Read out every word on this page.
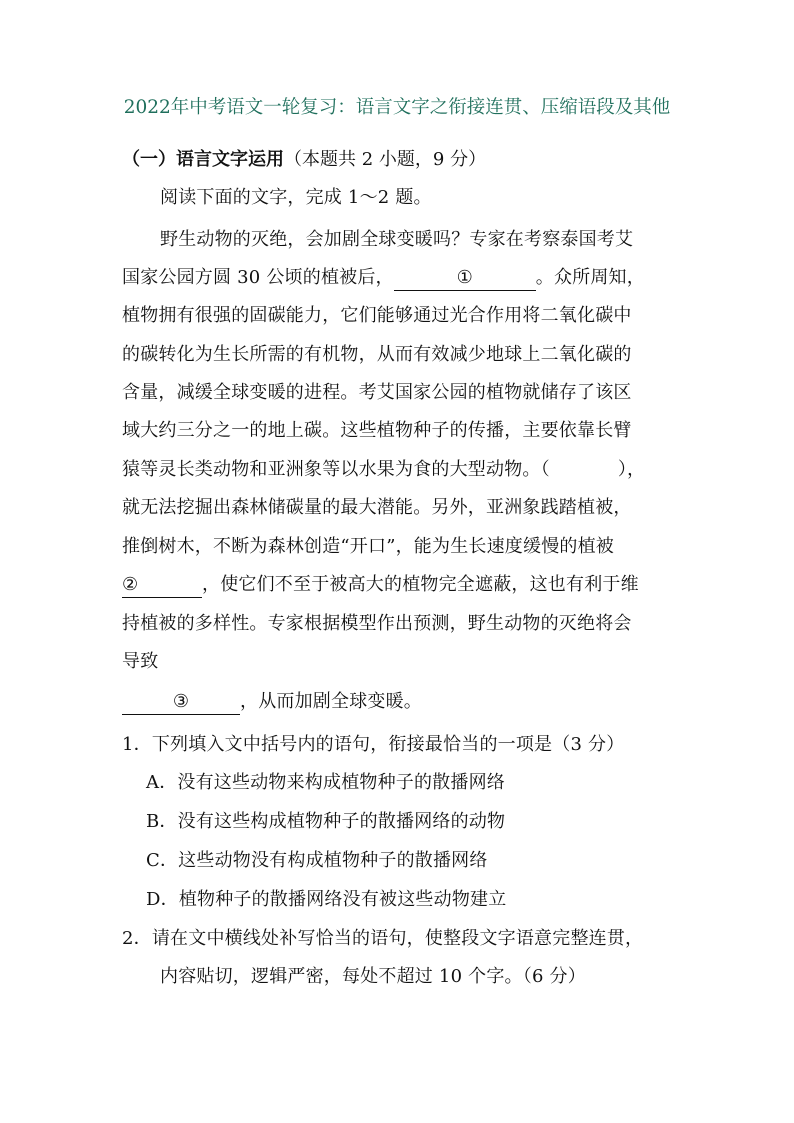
2022年中考语文一轮复习：语言文字之衔接连贯、压缩语段及其他
（一）语言文字运用（本题共 2 小题，9 分）
阅读下面的文字，完成 1～2 题。
野生动物的灭绝，会加剧全球变暖吗？专家在考察泰国考艾
国家公园方圆 30 公顷的植被后，	①	。众所周知，
植物拥有很强的固碳能力，它们能够通过光合作用将二氧化碳中
的碳转化为生长所需的有机物，从而有效减少地球上二氧化碳的
含量，减缓全球变暖的进程。考艾国家公园的植物就储存了该区
域大约三分之一的地上碳。这些植物种子的传播，主要依靠长臂
猿等灵长类动物和亚洲象等以水果为食的大型动物。（	），
就无法挖掘出森林储碳量的最大潜能。另外，亚洲象践踏植被，
推倒树木，不断为森林创造“开口”，能为生长速度缓慢的植被
②	，使它们不至于被高大的植物完全遮蔽，这也有利于维
持植被的多样性。专家根据模型作出预测，野生动物的灭绝将会
导致
③	，从而加剧全球变暖。
1．下列填入文中括号内的语句，衔接最恰当的一项是（3 分）
A．没有这些动物来构成植物种子的散播网络
B．没有这些构成植物种子的散播网络的动物
C．这些动物没有构成植物种子的散播网络
D．植物种子的散播网络没有被这些动物建立
2．请在文中横线处补写恰当的语句，使整段文字语意完整连贯，
内容贴切，逻辑严密，每处不超过 10 个字。（6 分）
